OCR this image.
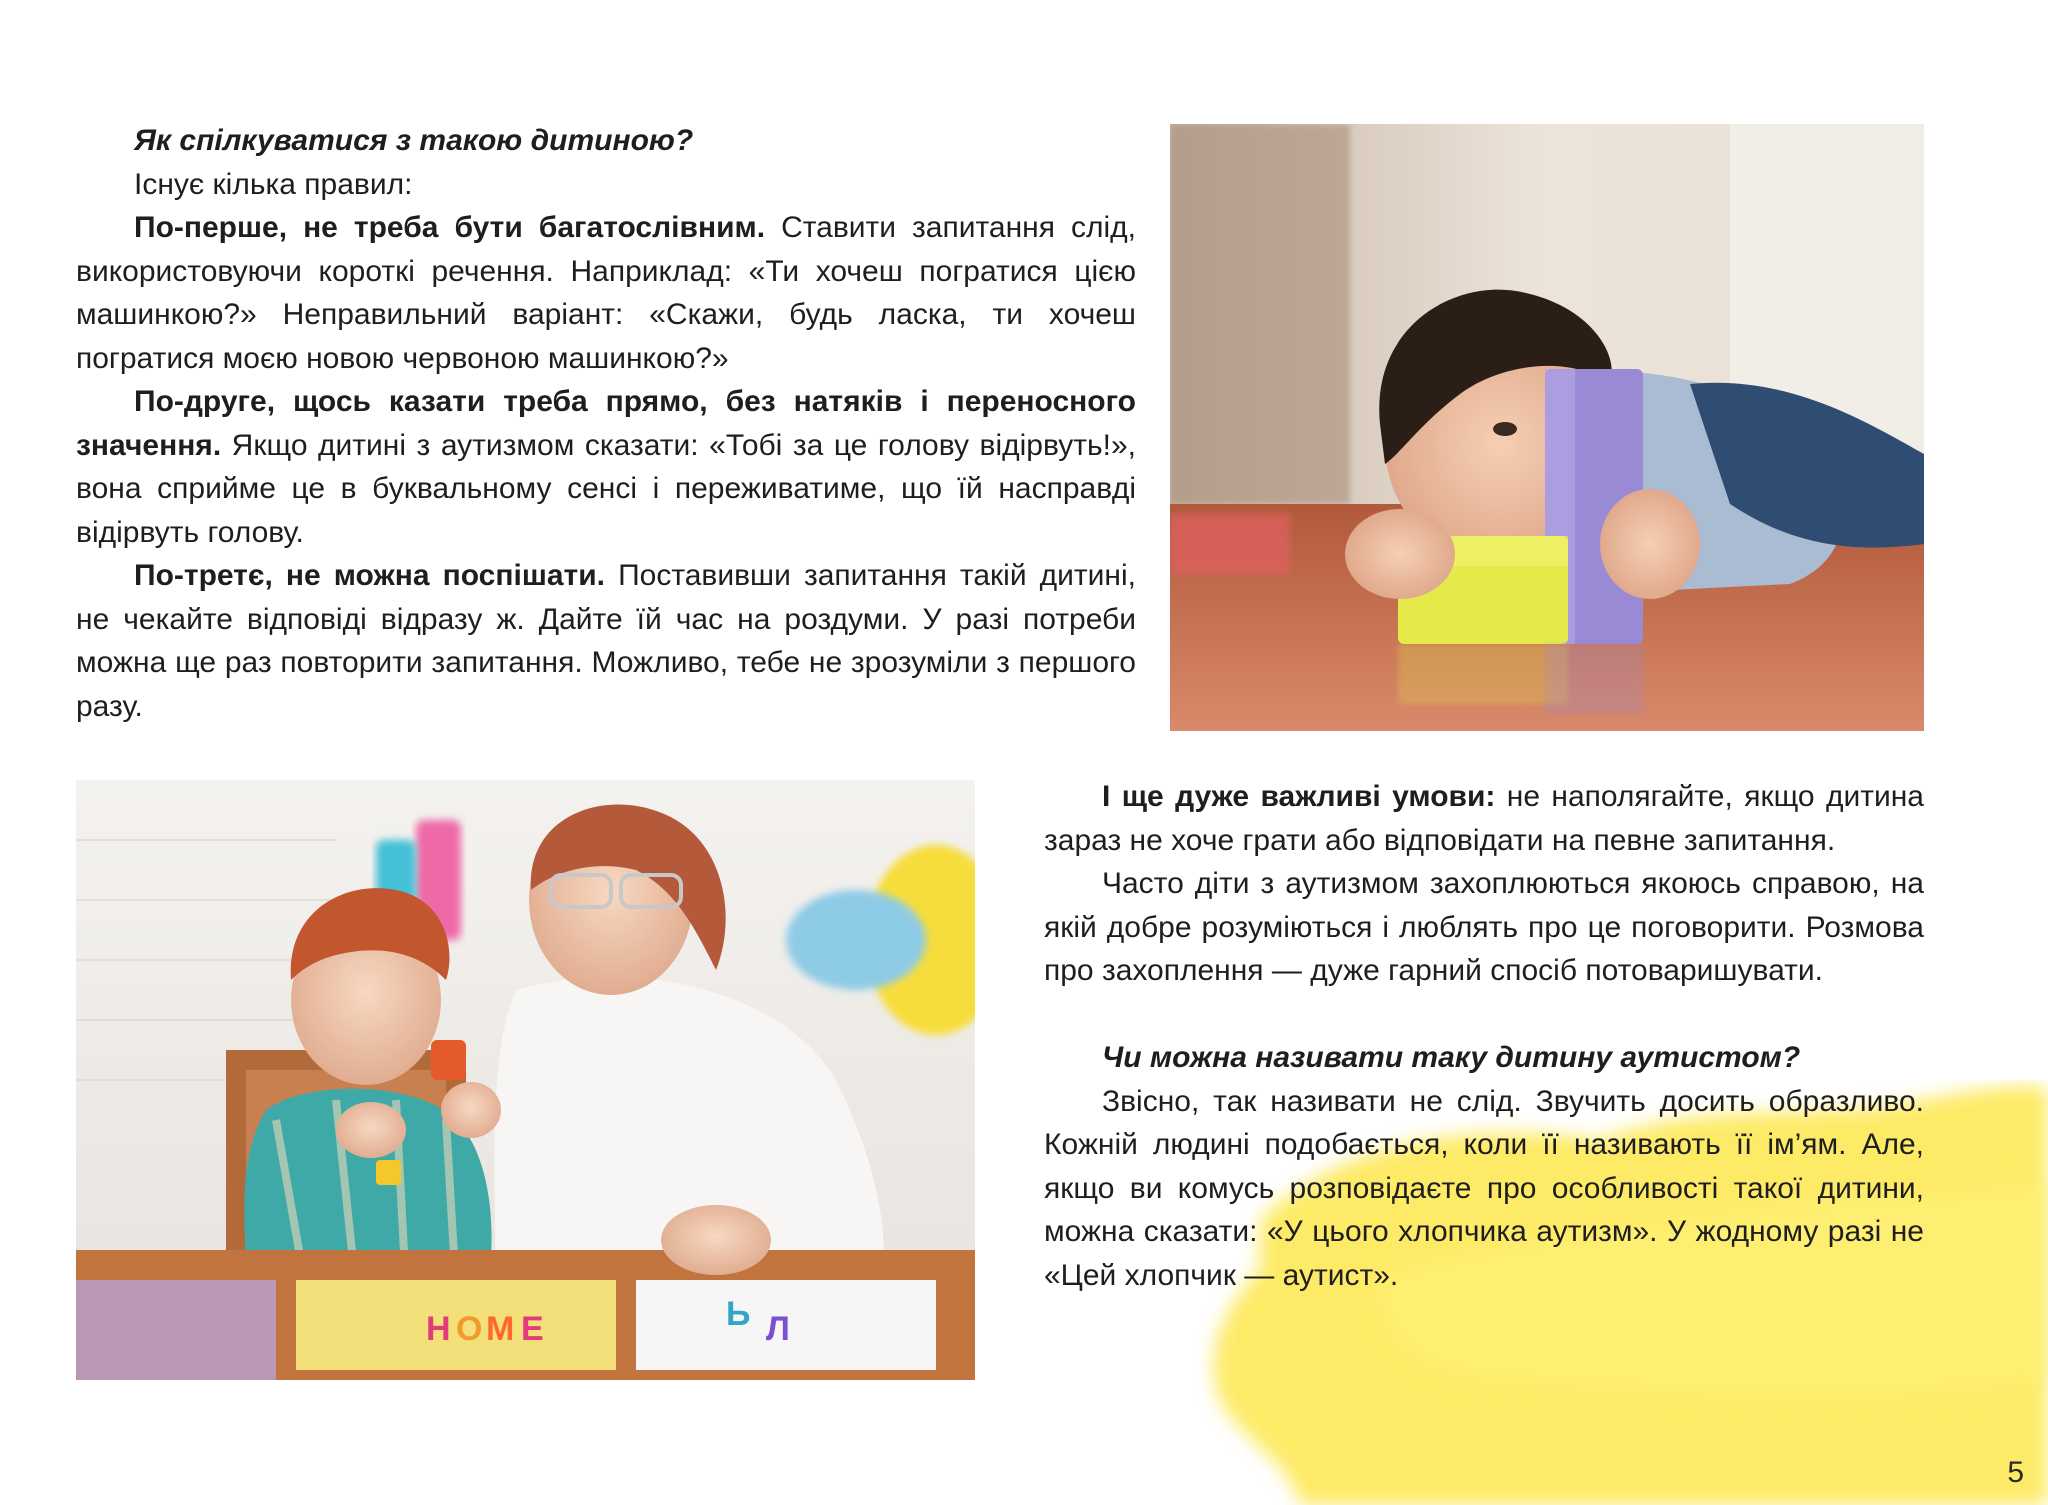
Як спілкуватися з такою дитиною?

Існує кілька правил:

По-перше, не треба бути багатослівним. Ставити запитання слід, використовуючи короткі речення. Наприклад: «Ти хочеш погратися цією машинкою?» Неправильний варіант: «Скажи, будь ласка, ти хочеш погратися моєю новою червоною машинкою?»

По-друге, щось казати треба прямо, без натяків і переносного значення. Якщо дитині з аутизмом сказати: «Тобі за це голову відірвуть!», вона сприйме це в буквальному сенсі і переживатиме, що їй насправді відірвуть голову.

По-третє, не можна поспішати. Поставивши запитання такій дитині, не чекайте відповіді відразу ж. Дайте їй час на роздуми. У разі потреби можна ще раз повторити запитання. Можливо, тебе не зрозуміли з першого разу.

Н О М Е	Ь Л

І ще дуже важливі умови: не наполягайте, якщо дитина зараз не хоче грати або відповідати на певне запитання.

Часто діти з аутизмом захоплюються якоюсь справою, на якій добре розуміються і люблять про це поговорити. Розмова про захоплення — дуже гарний спосіб потоваришувати.

Чи можна називати таку дитину аутистом?

Звісно, так називати не слід. Звучить досить образливо. Кожній людині подобається, коли її називають її ім’ям. Але, якщо ви комусь розповідаєте про особливості такої дитини, можна сказати: «У цього хлопчика аутизм». У жодному разі не «Цей хлопчик — аутист».

5
